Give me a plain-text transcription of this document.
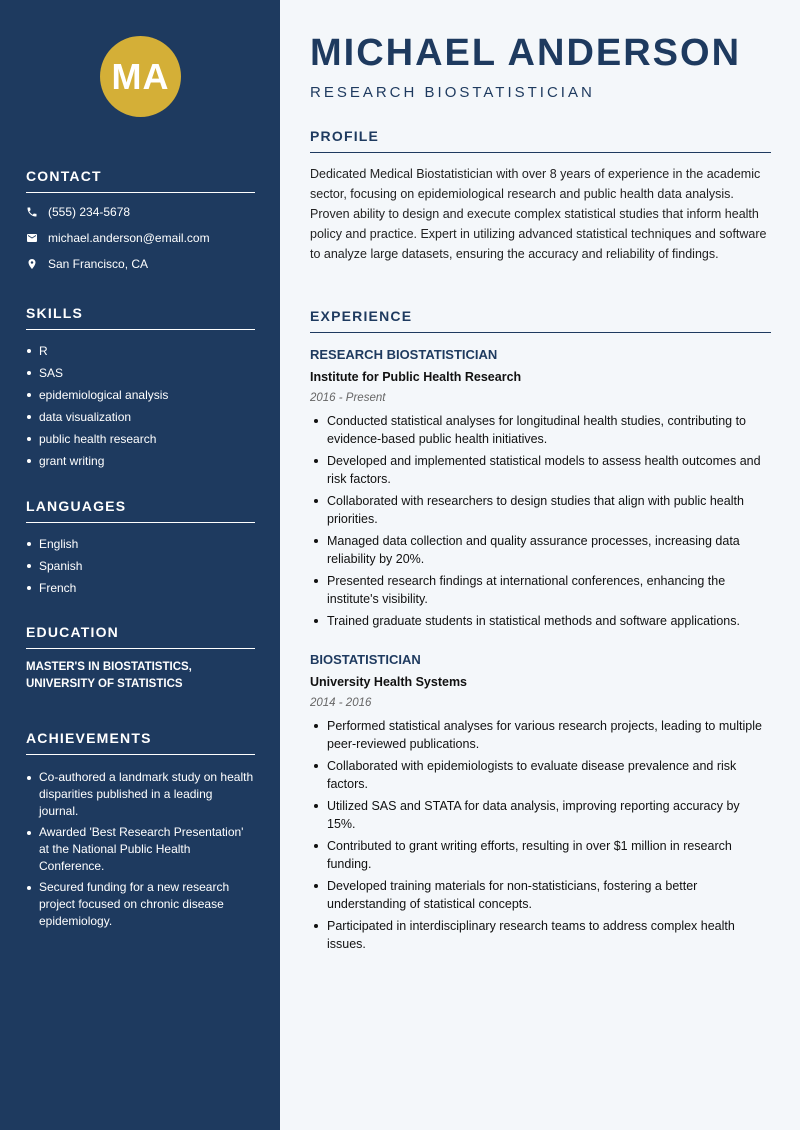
MA
CONTACT
(555) 234-5678
michael.anderson@email.com
San Francisco, CA
SKILLS
R
SAS
epidemiological analysis
data visualization
public health research
grant writing
LANGUAGES
English
Spanish
French
EDUCATION
MASTER'S IN BIOSTATISTICS,
UNIVERSITY OF STATISTICS
ACHIEVEMENTS
Co-authored a landmark study on health disparities published in a leading journal.
Awarded 'Best Research Presentation' at the National Public Health Conference.
Secured funding for a new research project focused on chronic disease epidemiology.
MICHAEL ANDERSON
RESEARCH BIOSTATISTICIAN
PROFILE
Dedicated Medical Biostatistician with over 8 years of experience in the academic sector, focusing on epidemiological research and public health data analysis. Proven ability to design and execute complex statistical studies that inform health policy and practice. Expert in utilizing advanced statistical techniques and software to analyze large datasets, ensuring the accuracy and reliability of findings.
EXPERIENCE
RESEARCH BIOSTATISTICIAN
Institute for Public Health Research
2016 - Present
Conducted statistical analyses for longitudinal health studies, contributing to evidence-based public health initiatives.
Developed and implemented statistical models to assess health outcomes and risk factors.
Collaborated with researchers to design studies that align with public health priorities.
Managed data collection and quality assurance processes, increasing data reliability by 20%.
Presented research findings at international conferences, enhancing the institute's visibility.
Trained graduate students in statistical methods and software applications.
BIOSTATISTICIAN
University Health Systems
2014 - 2016
Performed statistical analyses for various research projects, leading to multiple peer-reviewed publications.
Collaborated with epidemiologists to evaluate disease prevalence and risk factors.
Utilized SAS and STATA for data analysis, improving reporting accuracy by 15%.
Contributed to grant writing efforts, resulting in over $1 million in research funding.
Developed training materials for non-statisticians, fostering a better understanding of statistical concepts.
Participated in interdisciplinary research teams to address complex health issues.
